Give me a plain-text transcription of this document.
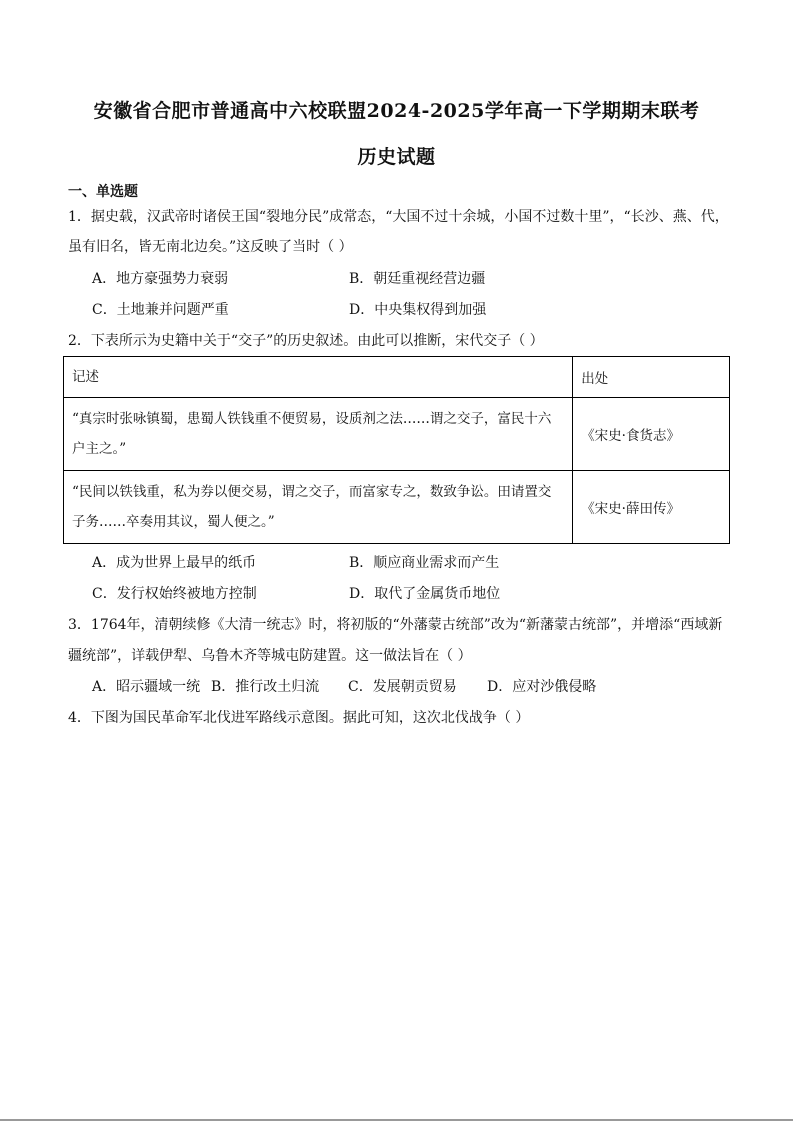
安徽省合肥市普通高中六校联盟2024-2025学年高一下学期期末联考
历史试题
一、单选题
1．据史载，汉武帝时诸侯王国“裂地分民”成常态，“大国不过十余城，小国不过数十里”，“长沙、燕、代，
虽有旧名，皆无南北边矣。”这反映了当时（ ）
A．地方豪强势力衰弱	B．朝廷重视经营边疆
C．土地兼并问题严重	D．中央集权得到加强
2．下表所示为史籍中关于“交子”的历史叙述。由此可以推断，宋代交子（ ）
记述	出处

“真宗时张咏镇蜀，患蜀人铁钱重不便贸易，设质剂之法……谓之交子，富民十六
户主之。”	《宋史·食货志》

“民间以铁钱重，私为券以便交易，谓之交子，而富家专之，数致争讼。田请置交
子务……卒奏用其议，蜀人便之。”	《宋史·薛田传》
A．成为世界上最早的纸币	B．顺应商业需求而产生
C．发行权始终被地方控制	D．取代了金属货币地位
3．1764年，清朝续修《大清一统志》时，将初版的“外藩蒙古统部”改为“新藩蒙古统部”，并增添“西域新
疆统部”，详载伊犁、乌鲁木齐等城屯防建置。这一做法旨在（ ）
A．昭示疆域一统 B．推行改土归流 C．发展朝贡贸易 D．应对沙俄侵略
4．下图为国民革命军北伐进军路线示意图。据此可知，这次北伐战争（ ）
